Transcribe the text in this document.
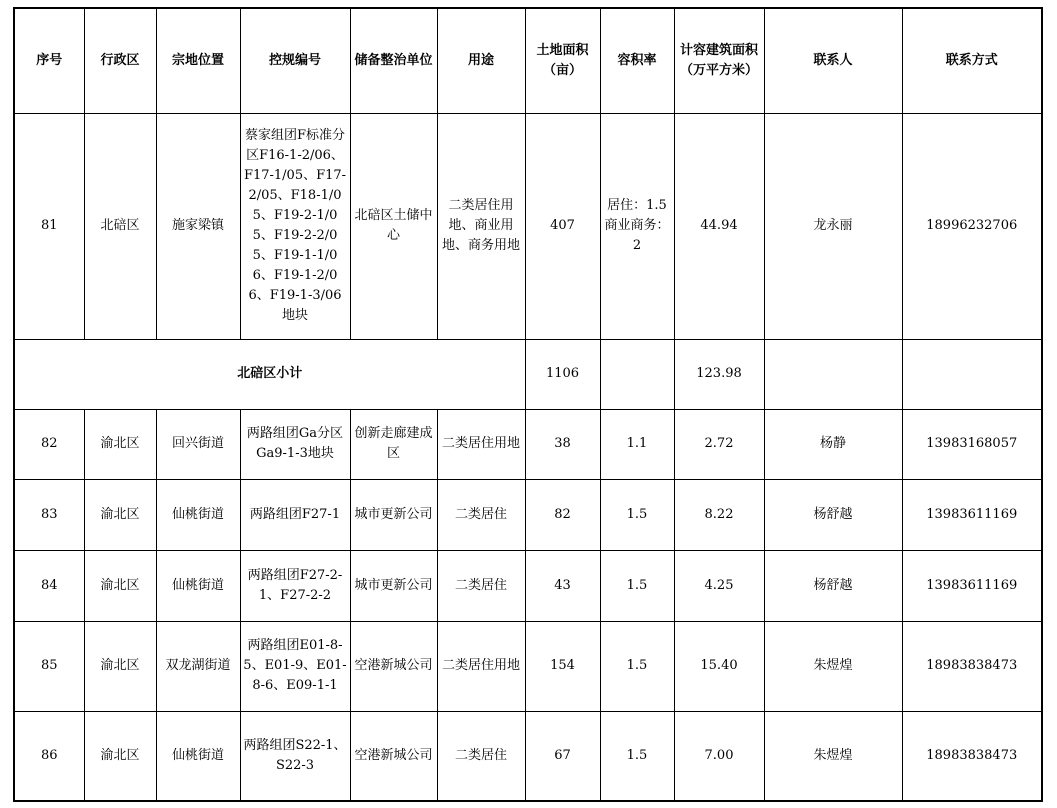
序号	行政区	宗地位置	控规编号	储备整治单位	用途	土地面积（亩）	容积率	计容建筑面积（万平方米）	联系人	联系方式
81	北碚区	施家梁镇	蔡家组团F标准分区F16-1-2/06、F17-1/05、F17-2/05、F18-1/05、F19-2-1/05、F19-2-2/05、F19-1-1/06、F19-1-2/06、F19-1-3/06地块	北碚区土储中心	二类居住用地、商业用地、商务用地	407	居住：1.5 商业商务：2	44.94	龙永丽	18996232706
北碚区小计						1106		123.98		
82	渝北区	回兴街道	两路组团Ga分区Ga9-1-3地块	创新走廊建成区	二类居住用地	38	1.1	2.72	杨静	13983168057
83	渝北区	仙桃街道	两路组团F27-1	城市更新公司	二类居住	82	1.5	8.22	杨舒越	13983611169
84	渝北区	仙桃街道	两路组团F27-2-1、F27-2-2	城市更新公司	二类居住	43	1.5	4.25	杨舒越	13983611169
85	渝北区	双龙湖街道	两路组团E01-8-5、E01-9、E01-8-6、E09-1-1	空港新城公司	二类居住用地	154	1.5	15.40	朱煜煌	18983838473
86	渝北区	仙桃街道	两路组团S22-1、S22-3	空港新城公司	二类居住	67	1.5	7.00	朱煜煌	18983838473
